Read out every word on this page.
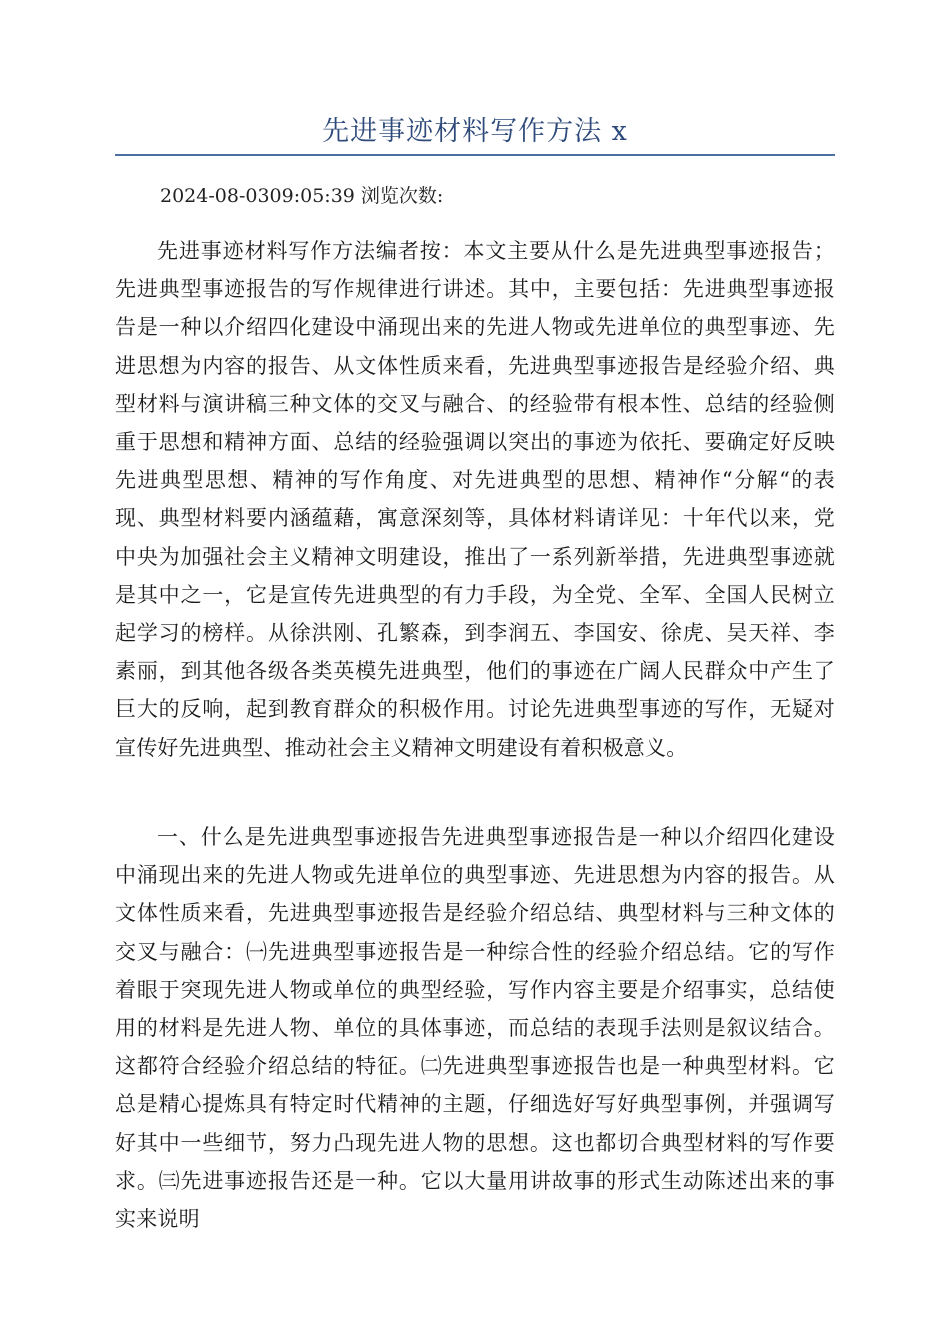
先进事迹材料写作方法 x
2024-08-0309:05:39 浏览次数:

先进事迹材料写作方法编者按：本文主要从什么是先进典型事迹报告；先进典型事迹报告的写作规律进行讲述。其中，主要包括：先进典型事迹报告是一种以介绍四化建设中涌现出来的先进人物或先进单位的典型事迹、先进思想为内容的报告、从文体性质来看，先进典型事迹报告是经验介绍、典型材料与演讲稿三种文体的交叉与融合、的经验带有根本性、总结的经验侧重于思想和精神方面、总结的经验强调以突出的事迹为依托、要确定好反映先进典型思想、精神的写作角度、对先进典型的思想、精神作“分解“的表现、典型材料要内涵蕴藉，寓意深刻等，具体材料请详见：十年代以来，党中央为加强社会主义精神文明建设，推出了一系列新举措，先进典型事迹就是其中之一，它是宣传先进典型的有力手段，为全党、全军、全国人民树立起学习的榜样。从徐洪刚、孔繁森，到李润五、李国安、徐虎、吴天祥、李素丽，到其他各级各类英模先进典型，他们的事迹在广阔人民群众中产生了巨大的反响，起到教育群众的积极作用。讨论先进典型事迹的写作，无疑对宣传好先进典型、推动社会主义精神文明建设有着积极意义。

一、什么是先进典型事迹报告先进典型事迹报告是一种以介绍四化建设中涌现出来的先进人物或先进单位的典型事迹、先进思想为内容的报告。从文体性质来看，先进典型事迹报告是经验介绍总结、典型材料与三种文体的交叉与融合：㈠先进典型事迹报告是一种综合性的经验介绍总结。它的写作着眼于突现先进人物或单位的典型经验，写作内容主要是介绍事实，总结使用的材料是先进人物、单位的具体事迹，而总结的表现手法则是叙议结合。这都符合经验介绍总结的特征。㈡先进典型事迹报告也是一种典型材料。它总是精心提炼具有特定时代精神的主题，仔细选好写好典型事例，并强调写好其中一些细节，努力凸现先进人物的思想。这也都切合典型材料的写作要求。㈢先进事迹报告还是一种。它以大量用讲故事的形式生动陈述出来的事实来说明
